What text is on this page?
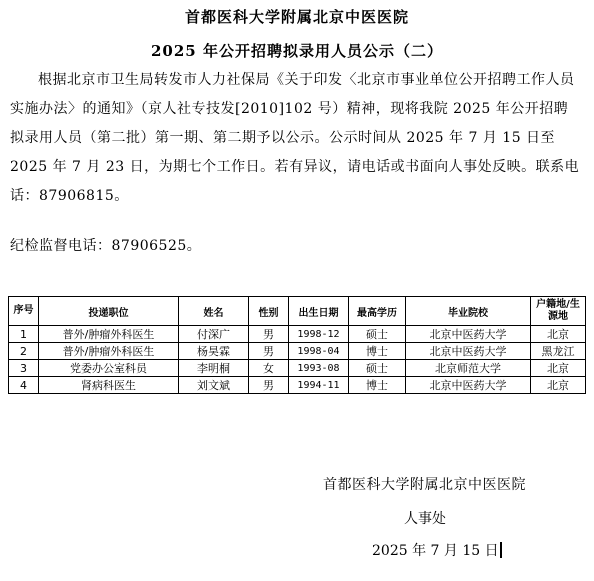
首都医科大学附属北京中医医院
2025 年公开招聘拟录用人员公示（二）
根据北京市卫生局转发市人力社保局《关于印发〈北京市事业单位公开招聘工作人员实施办法〉的通知》（京人社专技发[2010]102 号）精神，现将我院 2025 年公开招聘拟录用人员（第二批）第一期、第二期予以公示。公示时间从 2025 年 7 月 15 日至 2025 年 7 月 23 日，为期七个工作日。若有异议，请电话或书面向人事处反映。联系电话：87906815。
纪检监督电话：87906525。
序号	投递职位	姓名	性别	出生日期	最高学历	毕业院校	户籍地/生源地
1	普外/肿瘤外科医生	付深广	男	1998-12	硕士	北京中医药大学	北京
2	普外/肿瘤外科医生	杨昊霖	男	1998-04	博士	北京中医药大学	黑龙江
3	党委办公室科员	李明桐	女	1993-08	硕士	北京师范大学	北京
4	肾病科医生	刘文斌	男	1994-11	博士	北京中医药大学	北京
首都医科大学附属北京中医医院
人事处
2025 年 7 月 15 日
